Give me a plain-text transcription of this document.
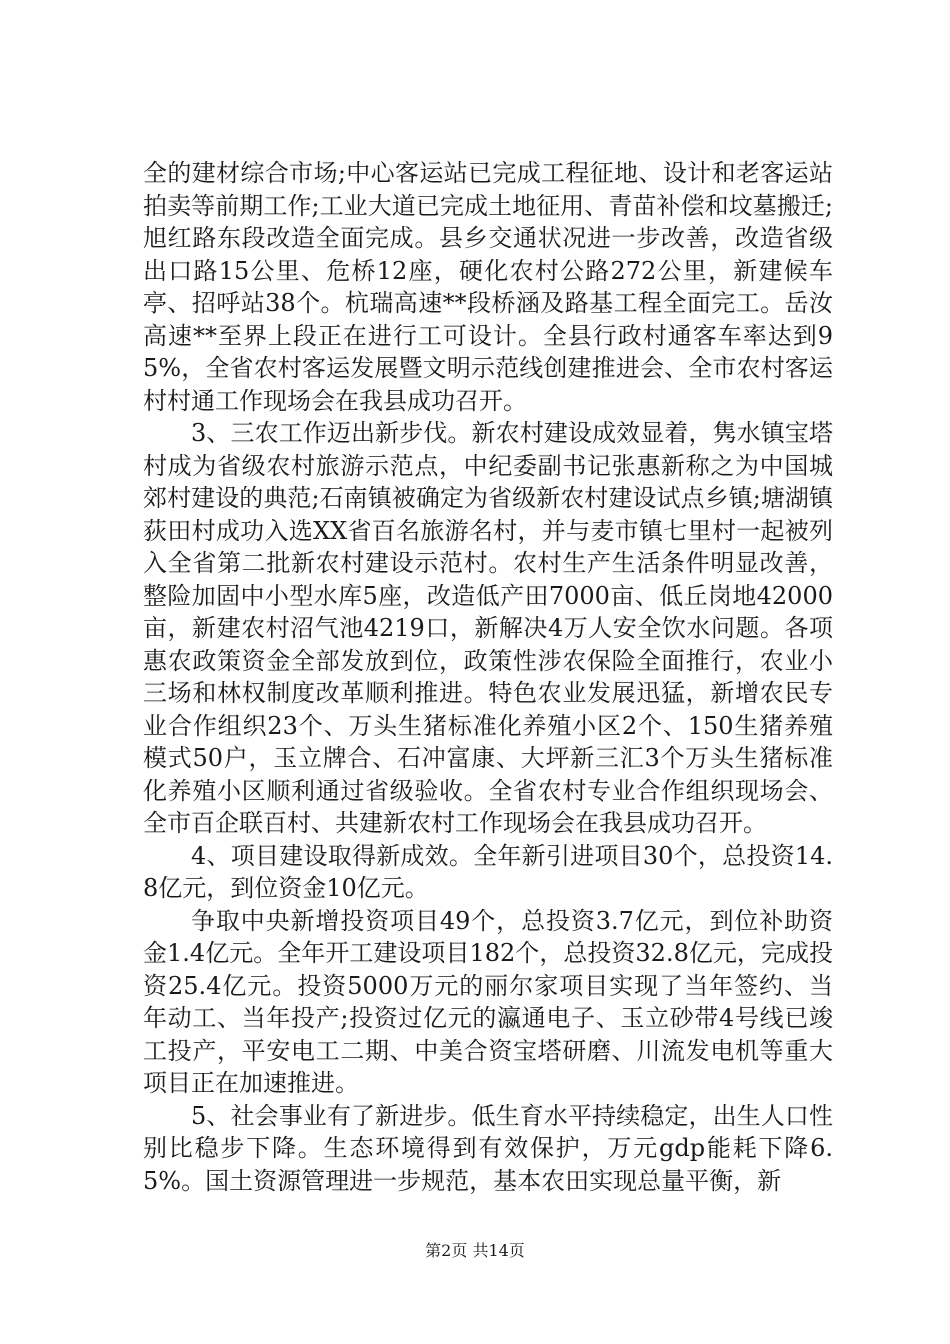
全的建材综合市场;中心客运站已完成工程征地、设计和老客运站拍卖等前期工作;工业大道已完成土地征用、青苗补偿和坟墓搬迁;旭红路东段改造全面完成。县乡交通状况进一步改善，改造省级出口路15公里、危桥12座，硬化农村公路272公里，新建候车亭、招呼站38个。杭瑞高速**段桥涵及路基工程全面完工。岳汝高速**至界上段正在进行工可设计。全县行政村通客车率达到95%，全省农村客运发展暨文明示范线创建推进会、全市农村客运村村通工作现场会在我县成功召开。

3、三农工作迈出新步伐。新农村建设成效显着，隽水镇宝塔村成为省级农村旅游示范点，中纪委副书记张惠新称之为中国城郊村建设的典范;石南镇被确定为省级新农村建设试点乡镇;塘湖镇荻田村成功入选XX省百名旅游名村，并与麦市镇七里村一起被列入全省第二批新农村建设示范村。农村生产生活条件明显改善，整险加固中小型水库5座，改造低产田7000亩、低丘岗地42000亩，新建农村沼气池4219口，新解决4万人安全饮水问题。各项惠农政策资金全部发放到位，政策性涉农保险全面推行，农业小三场和林权制度改革顺利推进。特色农业发展迅猛，新增农民专业合作组织23个、万头生猪标准化养殖小区2个、150生猪养殖模式50户，玉立牌合、石冲富康、大坪新三汇3个万头生猪标准化养殖小区顺利通过省级验收。全省农村专业合作组织现场会、全市百企联百村、共建新农村工作现场会在我县成功召开。

4、项目建设取得新成效。全年新引进项目30个，总投资14.8亿元，到位资金10亿元。

争取中央新增投资项目49个，总投资3.7亿元，到位补助资金1.4亿元。全年开工建设项目182个，总投资32.8亿元，完成投资25.4亿元。投资5000万元的丽尔家项目实现了当年签约、当年动工、当年投产;投资过亿元的瀛通电子、玉立砂带4号线已竣工投产，平安电工二期、中美合资宝塔研磨、川流发电机等重大项目正在加速推进。

5、社会事业有了新进步。低生育水平持续稳定，出生人口性别比稳步下降。生态环境得到有效保护，万元gdp能耗下降6.5%。国土资源管理进一步规范，基本农田实现总量平衡，新

第2页 共14页
